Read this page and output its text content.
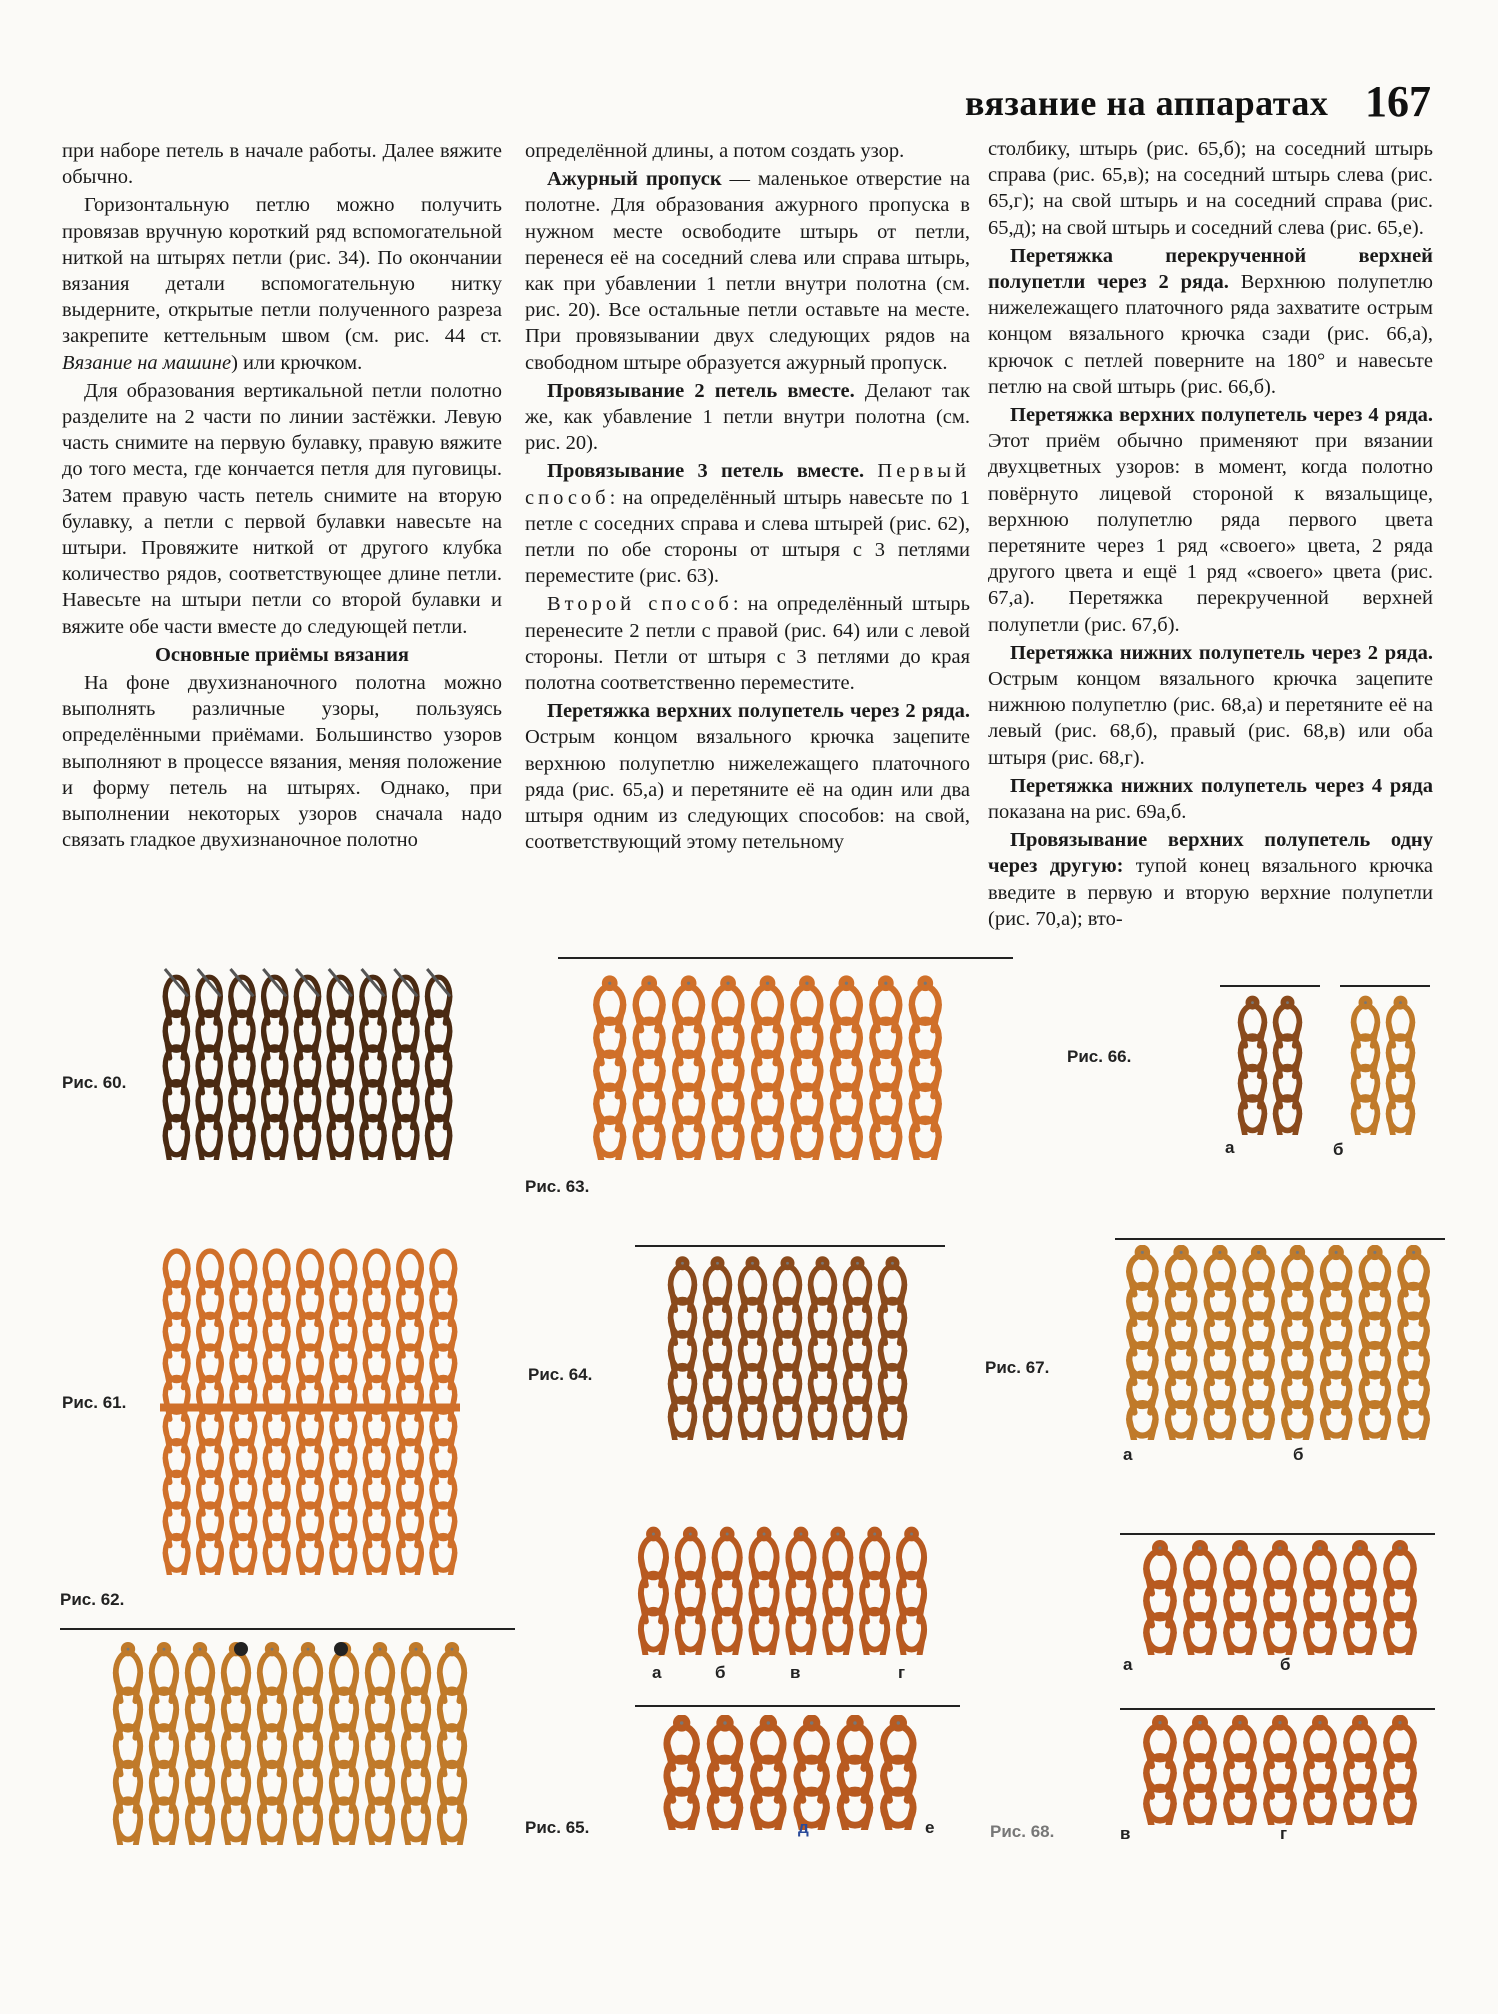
вязание на аппаратах 167

при наборе петель в начале работы. Далее вяжите обычно.

Горизонтальную петлю можно получить провязав вручную короткий ряд вспомогательной ниткой на штырях петли (рис. 34). По окончании вязания детали вспомогательную нитку выдерните, открытые петли полученного разреза закрепите кеттельным швом (см. рис. 44 ст. Вязание на машине) или крючком.

Для образования вертикальной петли полотно разделите на 2 части по линии застёжки. Левую часть снимите на первую булавку, правую вяжите до того места, где кончается петля для пуговицы. Затем правую часть петель снимите на вторую булавку, а петли с первой булавки навесьте на штыри. Провяжите ниткой от другого клубка количество рядов, соответствующее длине петли. Навесьте на штыри петли со второй булавки и вяжите обе части вместе до следующей петли.

Основные приёмы вязания

На фоне двухизнаночного полотна можно выполнять различные узоры, пользуясь определёнными приёмами. Большинство узоров выполняют в процессе вязания, меняя положение и форму петель на штырях. Однако, при выполнении некоторых узоров сначала надо связать гладкое двухизнаночное полотно

определённой длины, а потом создать узор.

Ажурный пропуск — маленькое отверстие на полотне. Для образования ажурного пропуска в нужном месте освободите штырь от петли, перенеся её на соседний слева или справа штырь, как при убавлении 1 петли внутри полотна (см. рис. 20). Все остальные петли оставьте на месте. При провязывании двух следующих рядов на свободном штыре образуется ажурный пропуск.

Провязывание 2 петель вместе. Делают так же, как убавление 1 петли внутри полотна (см. рис. 20).

Провязывание 3 петель вместе. Первый способ: на определённый штырь навесьте по 1 петле с соседних справа и слева штырей (рис. 62), петли по обе стороны от штыря с 3 петлями переместите (рис. 63).

Второй способ: на определённый штырь перенесите 2 петли с правой (рис. 64) или с левой стороны. Петли от штыря с 3 петлями до края полотна соответственно переместите.

Перетяжка верхних полупетель через 2 ряда. Острым концом вязального крючка зацепите верхнюю полупетлю нижележащего платочного ряда (рис. 65,а) и перетяните её на один или два штыря одним из следующих способов: на свой, соответствующий этому петельному

столбику, штырь (рис. 65,б); на соседний штырь справа (рис. 65,в); на соседний штырь слева (рис. 65,г); на свой штырь и на соседний справа (рис. 65,д); на свой штырь и соседний слева (рис. 65,е).

Перетяжка перекрученной верхней полупетли через 2 ряда. Верхнюю полупетлю нижележащего платочного ряда захватите острым концом вязального крючка сзади (рис. 66,а), крючок с петлей поверните на 180° и навесьте петлю на свой штырь (рис. 66,б).

Перетяжка верхних полупетель через 4 ряда. Этот приём обычно применяют при вязании двухцветных узоров: в момент, когда полотно повёрнуто лицевой стороной к вязальщице, верхнюю полупетлю ряда первого цвета перетяните через 1 ряд «своего» цвета, 2 ряда другого цвета и ещё 1 ряд «своего» цвета (рис. 67,а). Перетяжка перекрученной верхней полупетли (рис. 67,б).

Перетяжка нижних полупетель через 2 ряда. Острым концом вязального крючка зацепите нижнюю полупетлю (рис. 68,а) и перетяните её на левый (рис. 68,б), правый (рис. 68,в) или оба штыря (рис. 68,г).

Перетяжка нижних полупетель через 4 ряда показана на рис. 69а,б.

Провязывание верхних полупетель одну через другую: тупой конец вязального крючка введите в первую и вторую верхние полупетли (рис. 70,а); вто-

Рис. 60.
Рис. 61.
Рис. 62.
Рис. 63.
Рис. 64.
а	б	в	г
Рис. 65.	д	е
Рис. 66.
а	б
Рис. 67.
а	б
а	б
Рис. 68.	в	г
